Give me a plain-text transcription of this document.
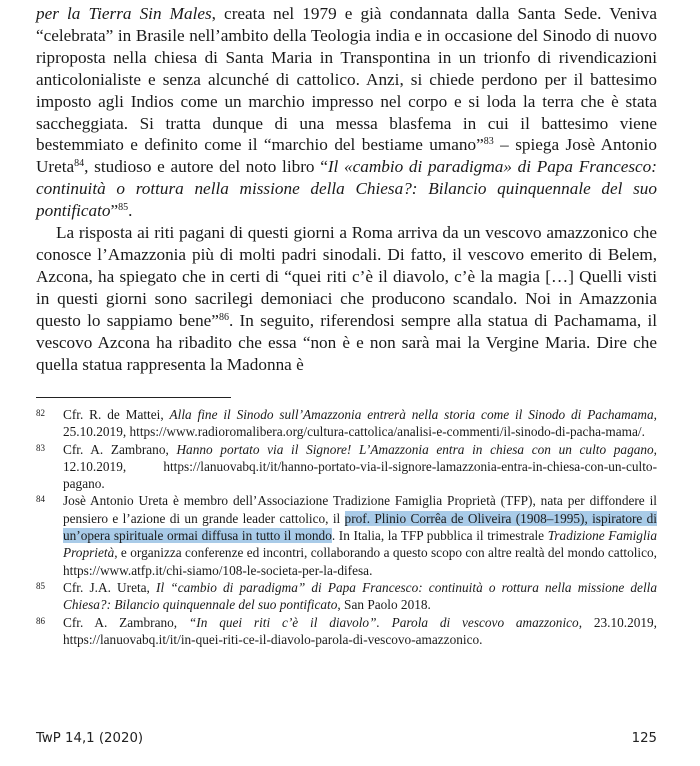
per la Tierra Sin Males, creata nel 1979 e già condannata dalla Santa Sede. Veniva “celebrata” in Brasile nell’ambito della Teologia india e in occasione del Sinodo di nuovo riproposta nella chiesa di Santa Maria in Transpontina in un trionfo di rivendicazioni anticolonialiste e senza alcunché di cattolico. Anzi, si chiede perdono per il battesimo imposto agli Indios come un marchio impresso nel corpo e si loda la terra che è stata saccheggiata. Si tratta dunque di una messa blasfema in cui il battesimo viene bestemmiato e definito come il “marchio del bestiame umano”$^{83}$ – spiega Josè Antonio Ureta$^{84}$, studioso e autore del noto libro “Il «cambio di paradigma» di Papa Francesco: continuità o rottura nella missione della Chiesa?: Bilancio quinquennale del suo pontificato”$^{85}$.

La risposta ai riti pagani di questi giorni a Roma arriva da un vescovo amazzonico che conosce l’Amazzonia più di molti padri sinodali. Di fatto, il vescovo emerito di Belem, Azcona, ha spiegato che in certi di “quei riti c’è il diavolo, c’è la magia […] Quelli visti in questi giorni sono sacrilegi demoniaci che producono scandalo. Noi in Amazzonia questo lo sappiamo bene”$^{86}$. In seguito, riferendosi sempre alla statua di Pachamama, il vescovo Azcona ha ribadito che essa “non è e non sarà mai la Vergine Maria. Dire che quella statua rappresenta la Madonna è

82 Cfr. R. de Mattei, Alla fine il Sinodo sull’Amazzonia entrerà nella storia come il Sinodo di Pachamama, 25.10.2019, https://www.radioromalibera.org/cultura-cattolica/analisi-e-commenti/il-sinodo-di-pacha-mama/.
83 Cfr. A. Zambrano, Hanno portato via il Signore! L’Amazzonia entra in chiesa con un culto pagano, 12.10.2019, https://lanuovabq.it/it/hanno-portato-via-il-signore-lamazzonia-entra-in-chiesa-con-un-culto-pagano.
84 Josè Antonio Ureta è membro dell’Associazione Tradizione Famiglia Proprietà (TFP), nata per diffondere il pensiero e l’azione di un grande leader cattolico, il prof. Plinio Corrêa de Oliveira (1908–1995), ispiratore di un’opera spirituale ormai diffusa in tutto il mondo. In Italia, la TFP pubblica il trimestrale Tradizione Famiglia Proprietà, e organizza conferenze ed incontri, collaborando a questo scopo con altre realtà del mondo cattolico, https://www.atfp.it/chi-siamo/108-le-societa-per-la-difesa.
85 Cfr. J.A. Ureta, Il “cambio di paradigma” di Papa Francesco: continuità o rottura nella missione della Chiesa?: Bilancio quinquennale del suo pontificato, San Paolo 2018.
86 Cfr. A. Zambrano, “In quei riti c’è il diavolo”. Parola di vescovo amazzonico, 23.10.2019, https://lanuovabq.it/it/in-quei-riti-ce-il-diavolo-parola-di-vescovo-amazzonico.
TwP 14,1 (2020)	125
